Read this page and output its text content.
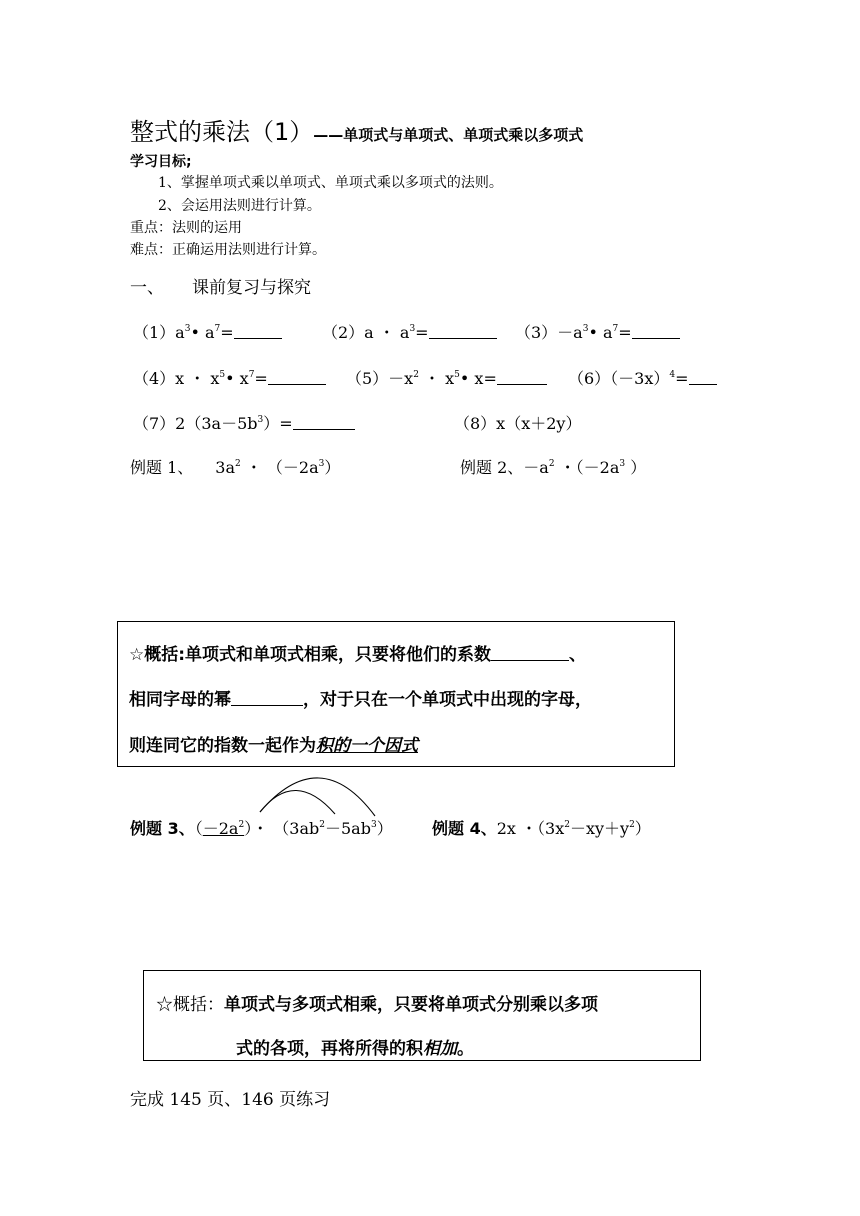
整式的乘法（1）——单项式与单项式、单项式乘以多项式
学习目标;
1、掌握单项式乘以单项式、单项式乘以多项式的法则。
2、会运用法则进行计算。
重点：法则的运用
难点：正确运用法则进行计算。
一、 课前复习与探究
$(1)a^3•$ $a^7=$	（2）a ・ $a^3=$	$(3)-a^3•$ $a^7=$
（4）x ・ $x^5•$ $x^7=$	$(5)-x^2$ ・ $x^5•$ x=	$(6)(-3x)^4=$
$(7)2(3a-5b^3)=$	（8）x（x＋2y）
例题 1、 $3a^2$ ・ $(-2a^3)$	例题 2、$-a^2$ ・（$-2a^3$ ）
☆概括:单项式和单项式相乘，只要将他们的系数	、
相同字母的幂	，对于只在一个单项式中出现的字母，
则连同它的指数一起作为积的一个因式
例题 3、$(-2a^2)$・ $(3ab^2-5ab^3)$ 例题 4、2x ・$(3x^2-xy+y^2)$
☆概括：单项式与多项式相乘，只要将单项式分别乘以多项
式的各项，再将所得的积相加。
完成 145 页、146 页练习
